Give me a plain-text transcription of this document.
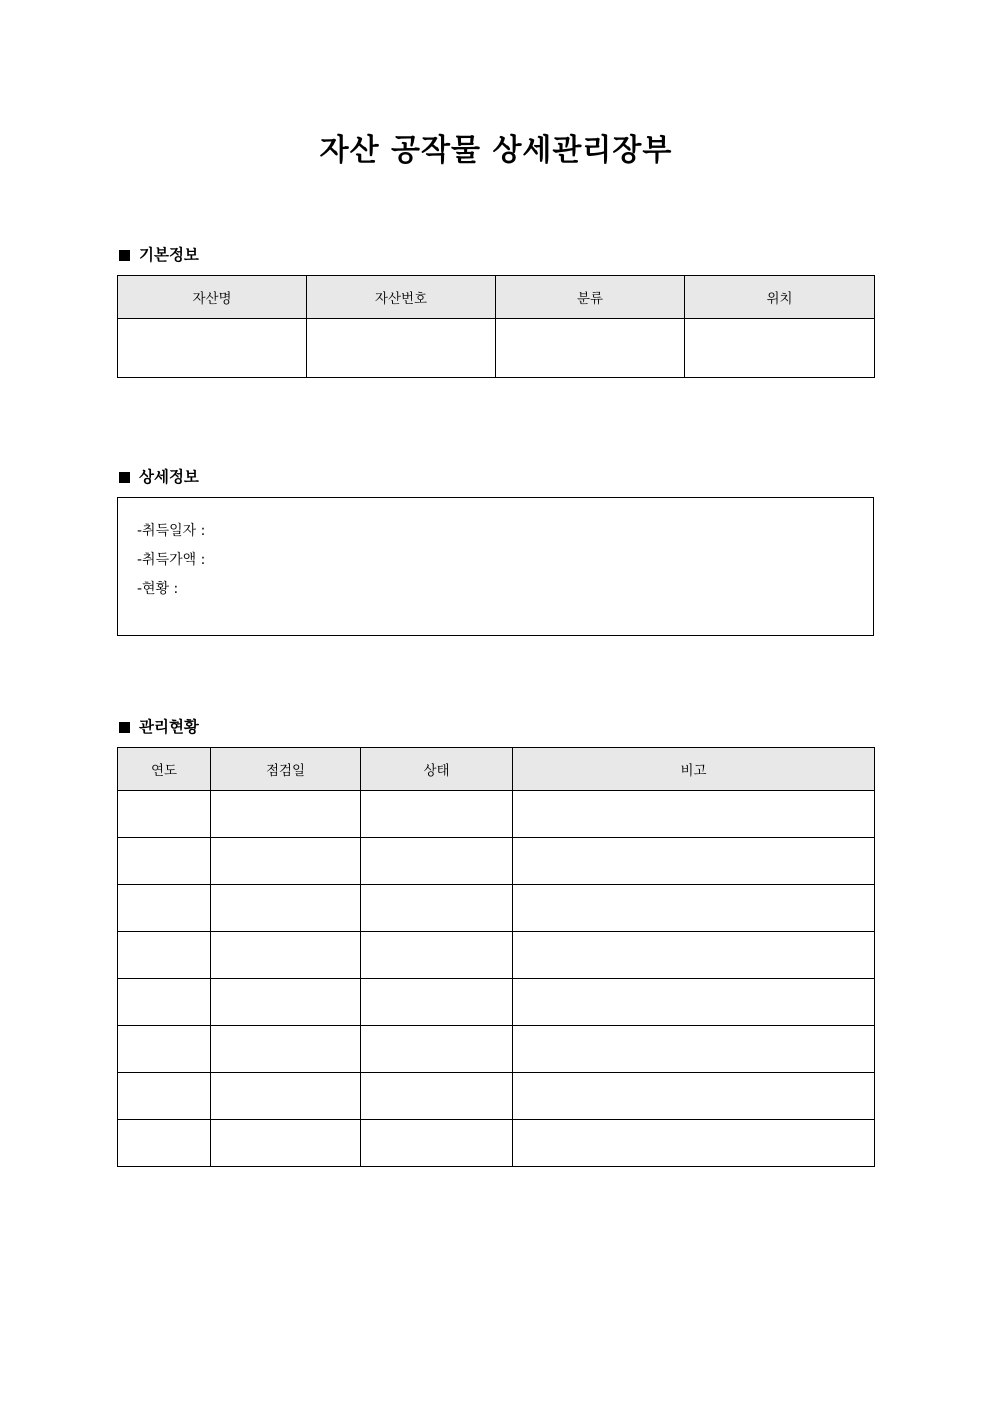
자산 공작물 상세관리장부
기본정보
자산명	자산번호	분류	위치

상세정보
-취득일자 :
-취득가액 :
-현황 :
관리현황
연도	점검일	상태	비고
